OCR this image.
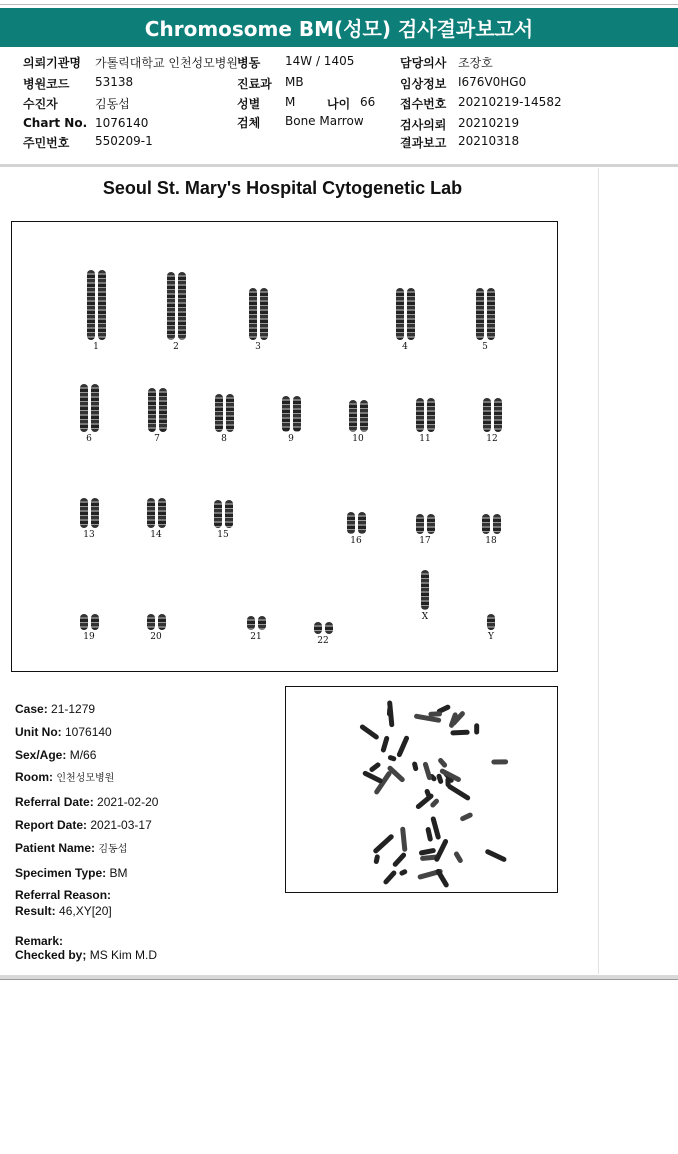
Chromosome BM(성모) 검사결과보고서
의뢰기관명 가톨릭대학교 인천성모병원 병동 14W / 1405	담당의사 조장호
병원코드 53138	진료과 MB	임상정보 I676V0HG0
수진자	김동섭	성별 M	나이 66 접수번호 20210219-14582
Chart No. 1076140	검체 Bone Marrow	검사의뢰 20210219
주민번호 550209-1	결과보고 20210318
Seoul St. Mary's Hospital Cytogenetic Lab
1	2	3	4	5
6	7	8	9	10	11	12
13	14	15
16	17	18
19	20	21	22
X
Y
Case: 21-1279
Unit No: 1076140
Sex/Age: M/66
Room: 인천성모병원
Referral Date: 2021-02-20
Report Date: 2021-03-17
Patient Name: 김동섭
Specimen Type: BM
Referral Reason:
Result: 46,XY[20]
Remark:
Checked by; MS Kim M.D
